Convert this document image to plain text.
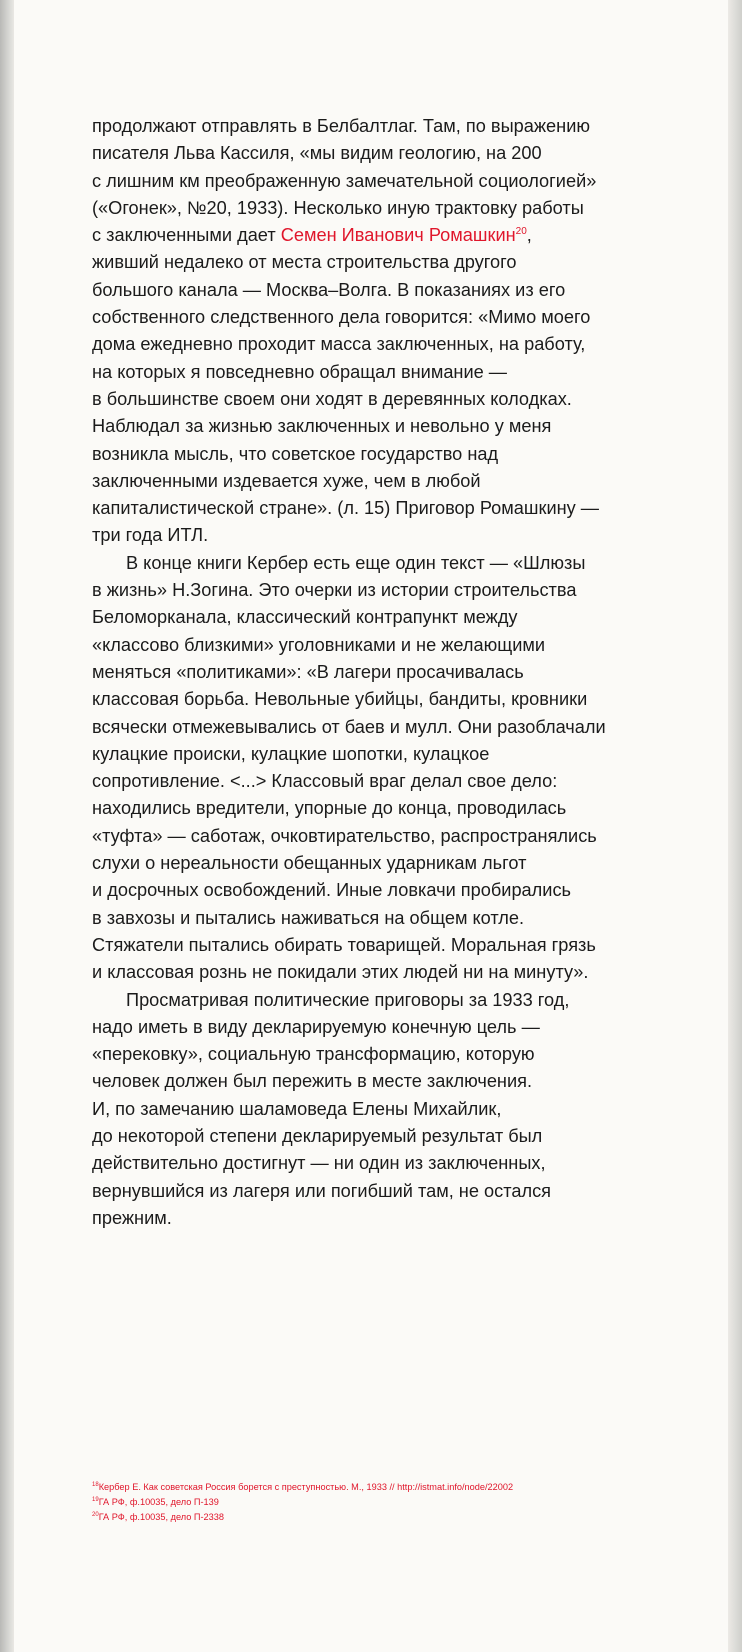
продолжают отправлять в Белбалтлаг. Там, по выражению
писателя Льва Кассиля, «мы видим геологию, на 200
с лишним км преображенную замечательной социологией»
(«Огонек», №20, 1933). Несколько иную трактовку работы
с заключенными дает Семен Иванович Ромашкин$^{20}$,
живший недалеко от места строительства другого
большого канала — Москва–Волга. В показаниях из его
собственного следственного дела говорится: «Мимо моего
дома ежедневно проходит масса заключенных, на работу,
на которых я повседневно обращал внимание —
в большинстве своем они ходят в деревянных колодках.
Наблюдал за жизнью заключенных и невольно у меня
возникла мысль, что советское государство над
заключенными издевается хуже, чем в любой
капиталистической стране». (л. 15) Приговор Ромашкину —
три года ИТЛ.
В конце книги Кербер есть еще один текст — «Шлюзы
в жизнь» Н.Зогина. Это очерки из истории строительства
Беломорканала, классический контрапункт между
«классово близкими» уголовниками и не желающими
меняться «политиками»: «В лагери просачивалась
классовая борьба. Невольные убийцы, бандиты, кровники
всячески отмежевывались от баев и мулл. Они разоблачали
кулацкие происки, кулацкие шопотки, кулацкое
сопротивление. <...> Классовый враг делал свое дело:
находились вредители, упорные до конца, проводилась
«туфта» — саботаж, очковтирательство, распространялись
слухи о нереальности обещанных ударникам льгот
и досрочных освобождений. Иные ловкачи пробирались
в завхозы и пытались наживаться на общем котле.
Стяжатели пытались обирать товарищей. Моральная грязь
и классовая рознь не покидали этих людей ни на минуту».
Просматривая политические приговоры за 1933 год,
надо иметь в виду декларируемую конечную цель —
«перековку», социальную трансформацию, которую
человек должен был пережить в месте заключения.
И, по замечанию шаламоведа Елены Михайлик,
до некоторой степени декларируемый результат был
действительно достигнут — ни один из заключенных,
вернувшийся из лагеря или погибший там, не остался
прежним.
$^{18}$Кербер Е. Как советская Россия борется с преступностью. М., 1933 // http://istmat.info/node/22002
$^{19}$ГА РФ, ф.10035, дело П-139
$^{20}$ГА РФ, ф.10035, дело П-2338
